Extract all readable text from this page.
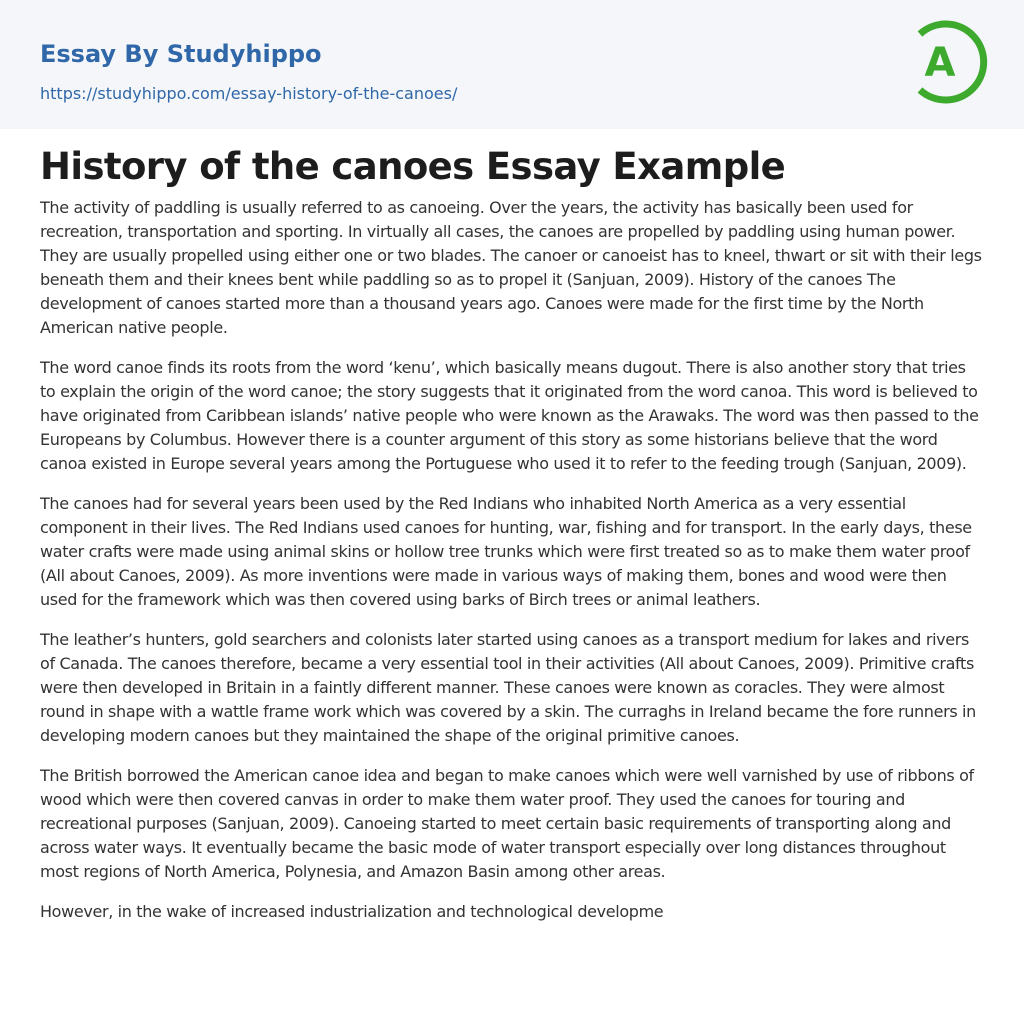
Essay By Studyhippo
https://studyhippo.com/essay-history-of-the-canoes/
A
History of the canoes Essay Example

The activity of paddling is usually referred to as canoeing. Over the years, the activity has basically been used for recreation, transportation and sporting. In virtually all cases, the canoes are propelled by paddling using human power. They are usually propelled using either one or two blades. The canoer or canoeist has to kneel, thwart or sit with their legs beneath them and their knees bent while paddling so as to propel it (Sanjuan, 2009). History of the canoes The development of canoes started more than a thousand years ago. Canoes were made for the first time by the North American native people.

The word canoe finds its roots from the word ‘kenu’, which basically means dugout. There is also another story that tries to explain the origin of the word canoe; the story suggests that it originated from the word canoa. This word is believed to have originated from Caribbean islands’ native people who were known as the Arawaks. The word was then passed to the Europeans by Columbus. However there is a counter argument of this story as some historians believe that the word canoa existed in Europe several years among the Portuguese who used it to refer to the feeding trough (Sanjuan, 2009).

The canoes had for several years been used by the Red Indians who inhabited North America as a very essential component in their lives. The Red Indians used canoes for hunting, war, fishing and for transport. In the early days, these water crafts were made using animal skins or hollow tree trunks which were first treated so as to make them water proof (All about Canoes, 2009). As more inventions were made in various ways of making them, bones and wood were then used for the framework which was then covered using barks of Birch trees or animal leathers.

The leather’s hunters, gold searchers and colonists later started using canoes as a transport medium for lakes and rivers of Canada. The canoes therefore, became a very essential tool in their activities (All about Canoes, 2009). Primitive crafts were then developed in Britain in a faintly different manner. These canoes were known as coracles. They were almost round in shape with a wattle frame work which was covered by a skin. The curraghs in Ireland became the fore runners in developing modern canoes but they maintained the shape of the original primitive canoes.

The British borrowed the American canoe idea and began to make canoes which were well varnished by use of ribbons of wood which were then covered canvas in order to make them water proof. They used the canoes for touring and recreational purposes (Sanjuan, 2009). Canoeing started to meet certain basic requirements of transporting along and across water ways. It eventually became the basic mode of water transport especially over long distances throughout most regions of North America, Polynesia, and Amazon Basin among other areas.

However, in the wake of increased industrialization and technological developme
